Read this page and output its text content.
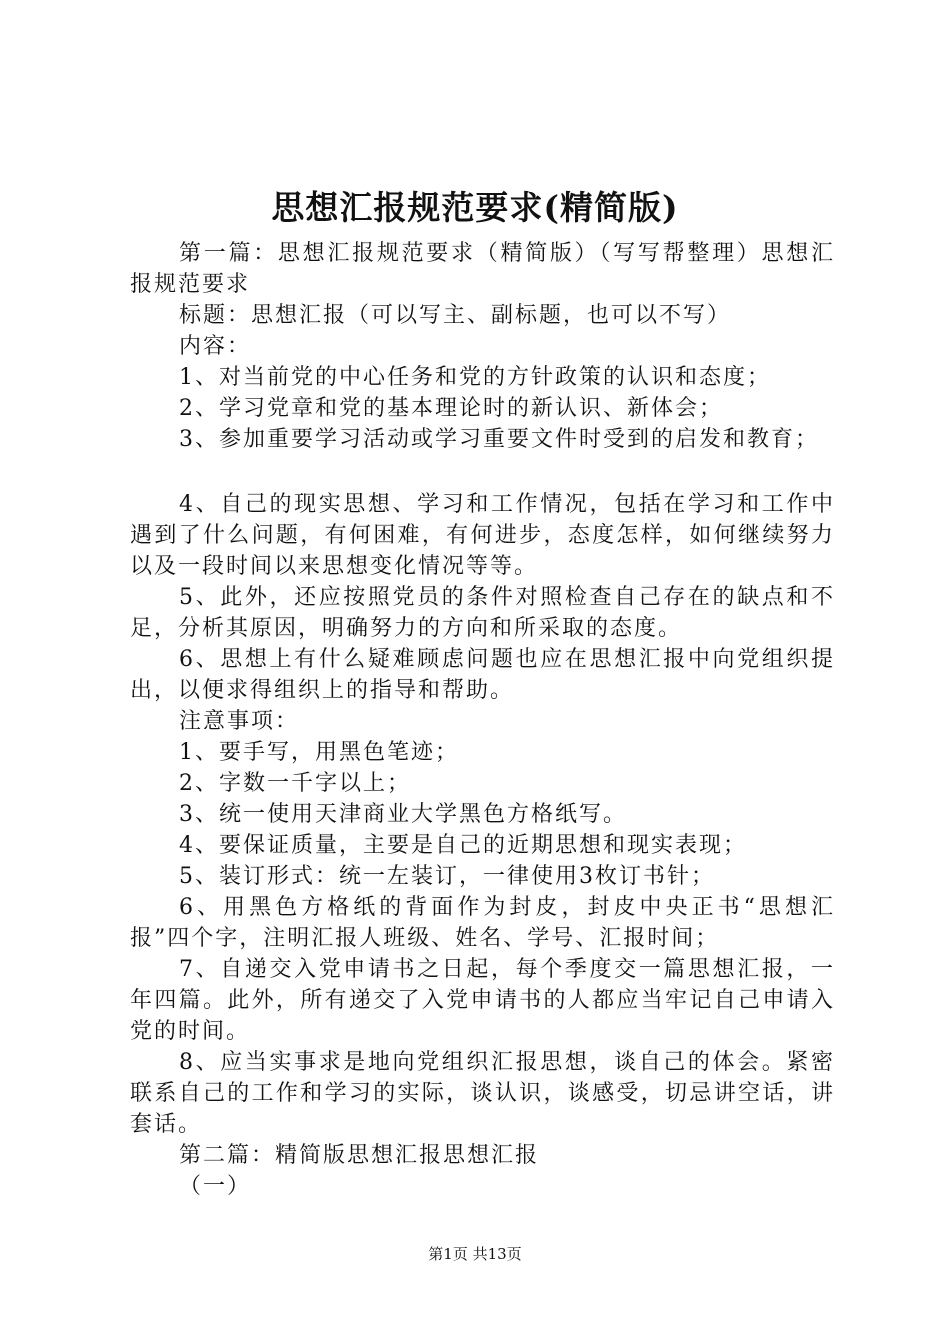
思想汇报规范要求(精简版)

第一篇：思想汇报规范要求（精简版）（写写帮整理）思想汇报规范要求

标题：思想汇报（可以写主、副标题，也可以不写）

内容：

1、对当前党的中心任务和党的方针政策的认识和态度；

2、学习党章和党的基本理论时的新认识、新体会；

3、参加重要学习活动或学习重要文件时受到的启发和教育；

4、自己的现实思想、学习和工作情况，包括在学习和工作中遇到了什么问题，有何困难，有何进步，态度怎样，如何继续努力以及一段时间以来思想变化情况等等。

5、此外，还应按照党员的条件对照检查自己存在的缺点和不足，分析其原因，明确努力的方向和所采取的态度。

6、思想上有什么疑难顾虑问题也应在思想汇报中向党组织提出，以便求得组织上的指导和帮助。

注意事项：

1、要手写，用黑色笔迹；

2、字数一千字以上；

3、统一使用天津商业大学黑色方格纸写。

4、要保证质量，主要是自己的近期思想和现实表现；

5、装订形式：统一左装订，一律使用3枚订书针；

6、用黑色方格纸的背面作为封皮，封皮中央正书“思想汇报”四个字，注明汇报人班级、姓名、学号、汇报时间；

7、自递交入党申请书之日起，每个季度交一篇思想汇报，一年四篇。此外，所有递交了入党申请书的人都应当牢记自己申请入党的时间。

8、应当实事求是地向党组织汇报思想，谈自己的体会。紧密联系自己的工作和学习的实际，谈认识，谈感受，切忌讲空话，讲套话。

第二篇：精简版思想汇报思想汇报

（一）

第1页 共13页
